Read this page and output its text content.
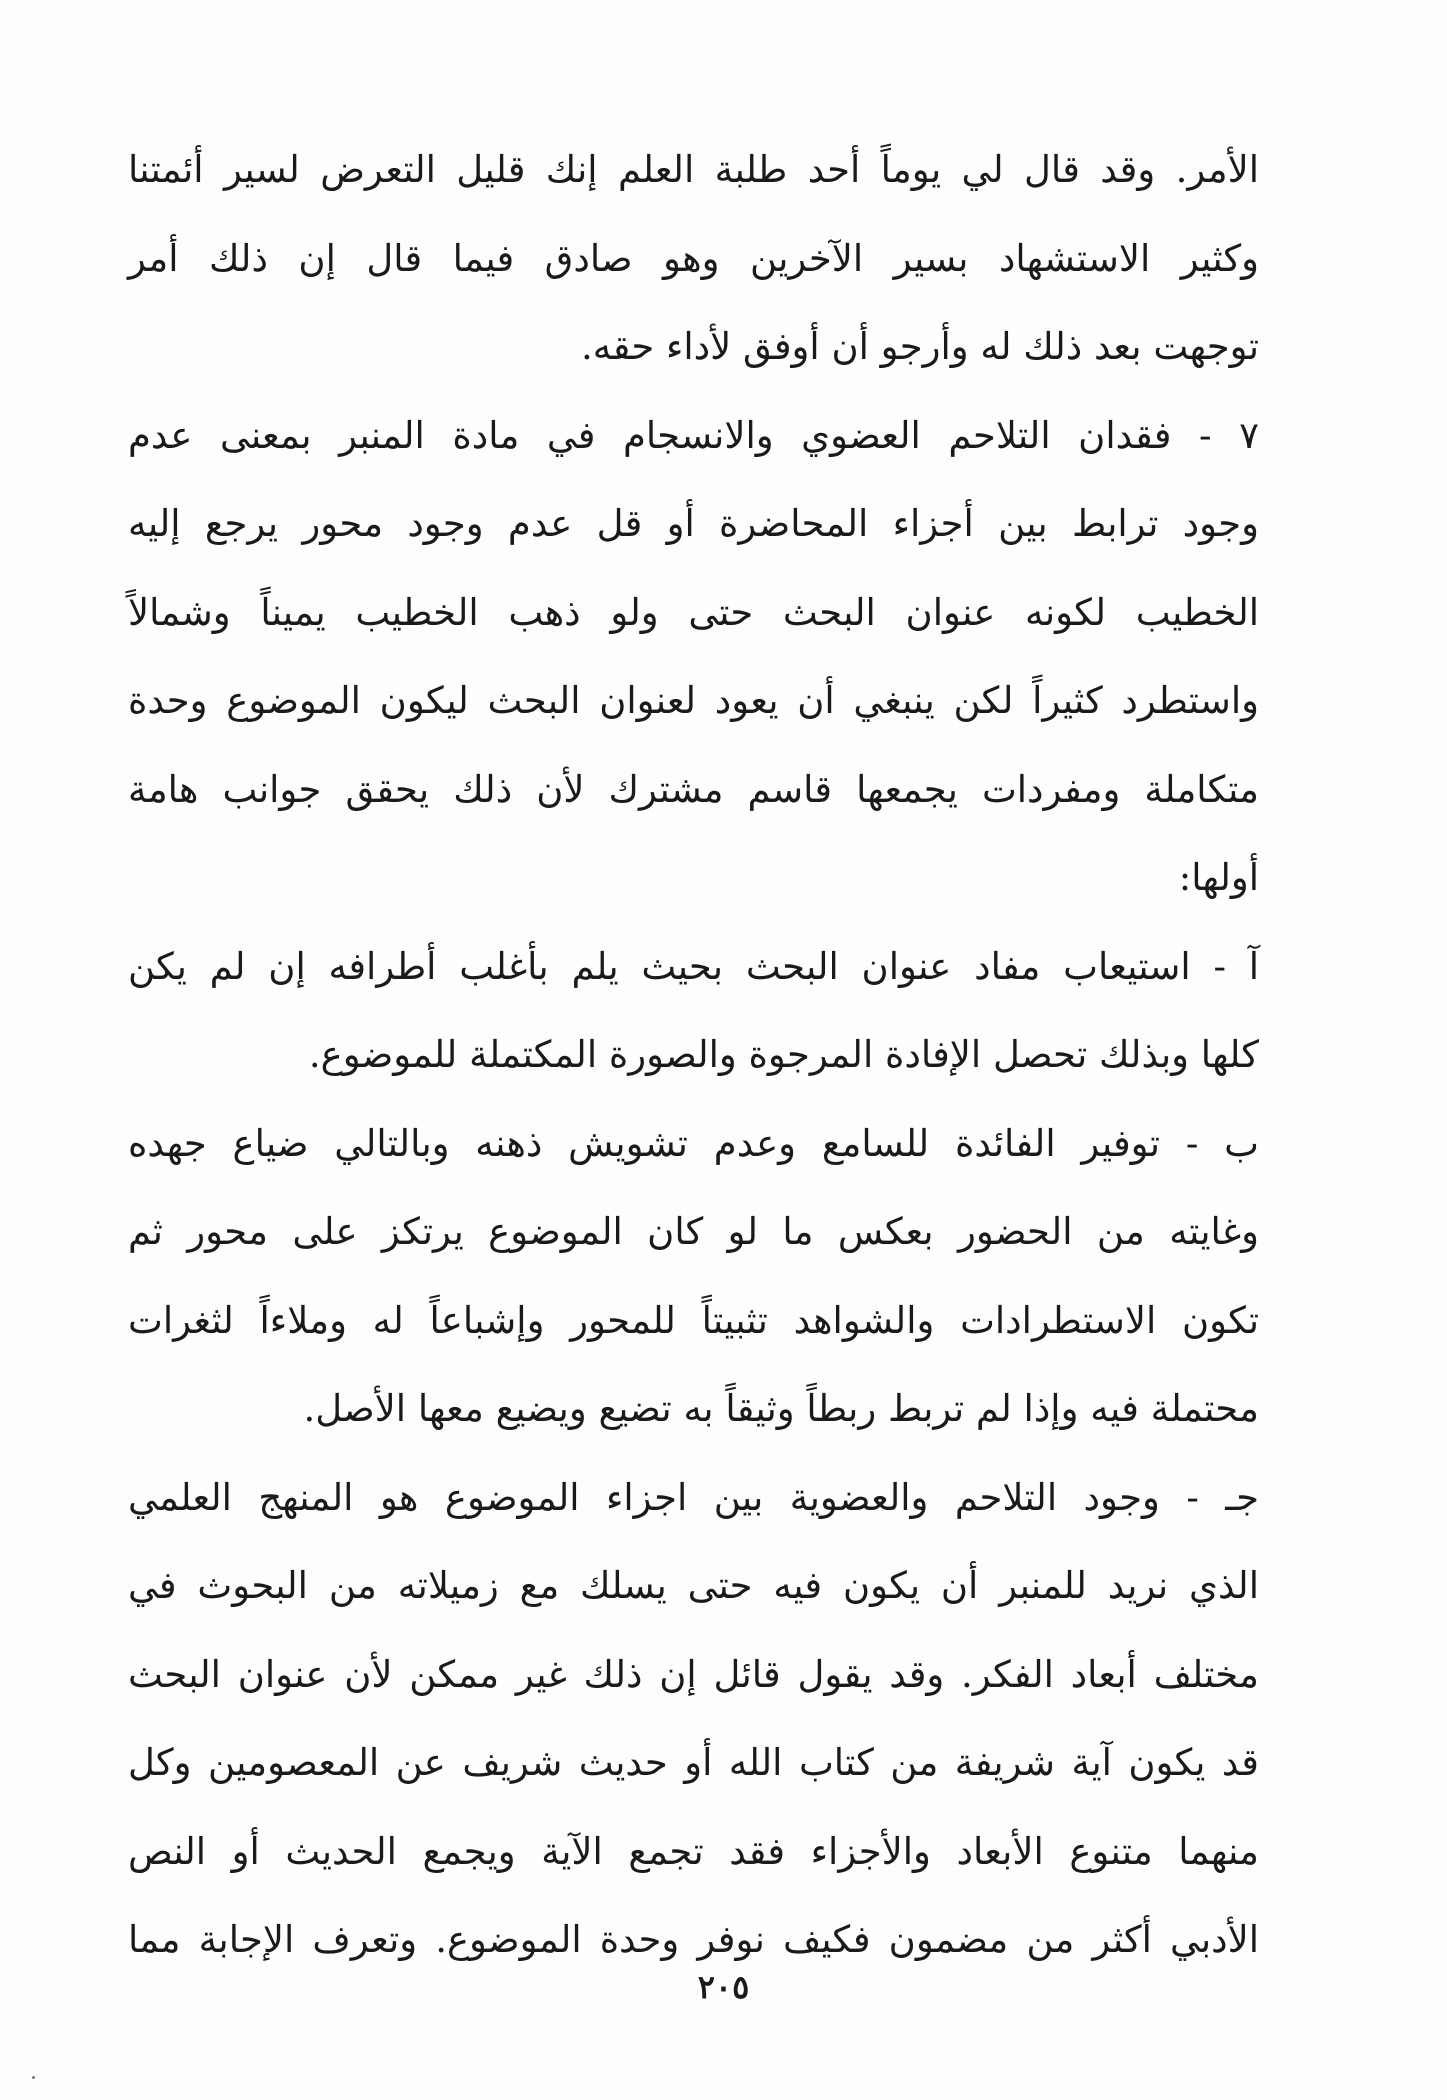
الأمر. وقد قال لي يوماً أحد طلبة العلم إنك قليل التعرض لسير أئمتنا
وكثير الاستشهاد بسير الآخرين وهو صادق فيما قال إن ذلك أمر
توجهت بعد ذلك له وأرجو أن أوفق لأداء حقه.
٧ - فقدان التلاحم العضوي والانسجام في مادة المنبر بمعنى عدم
وجود ترابط بين أجزاء المحاضرة أو قل عدم وجود محور يرجع إليه
الخطيب لكونه عنوان البحث حتى ولو ذهب الخطيب يميناً وشمالاً
واستطرد كثيراً لكن ينبغي أن يعود لعنوان البحث ليكون الموضوع وحدة
متكاملة ومفردات يجمعها قاسم مشترك لأن ذلك يحقق جوانب هامة
أولها:
آ - استيعاب مفاد عنوان البحث بحيث يلم بأغلب أطرافه إن لم يكن
كلها وبذلك تحصل الإفادة المرجوة والصورة المكتملة للموضوع.
ب - توفير الفائدة للسامع وعدم تشويش ذهنه وبالتالي ضياع جهده
وغايته من الحضور بعكس ما لو كان الموضوع يرتكز على محور ثم
تكون الاستطرادات والشواهد تثبيتاً للمحور وإشباعاً له وملاءاً لثغرات
محتملة فيه وإذا لم تربط ربطاً وثيقاً به تضيع ويضيع معها الأصل.
جـ - وجود التلاحم والعضوية بين اجزاء الموضوع هو المنهج العلمي
الذي نريد للمنبر أن يكون فيه حتى يسلك مع زميلاته من البحوث في
مختلف أبعاد الفكر. وقد يقول قائل إن ذلك غير ممكن لأن عنوان البحث
قد يكون آية شريفة من كتاب الله أو حديث شريف عن المعصومين وكل
منهما متنوع الأبعاد والأجزاء فقد تجمع الآية ويجمع الحديث أو النص
الأدبي أكثر من مضمون فكيف نوفر وحدة الموضوع. وتعرف الإجابة مما
٢٠٥
